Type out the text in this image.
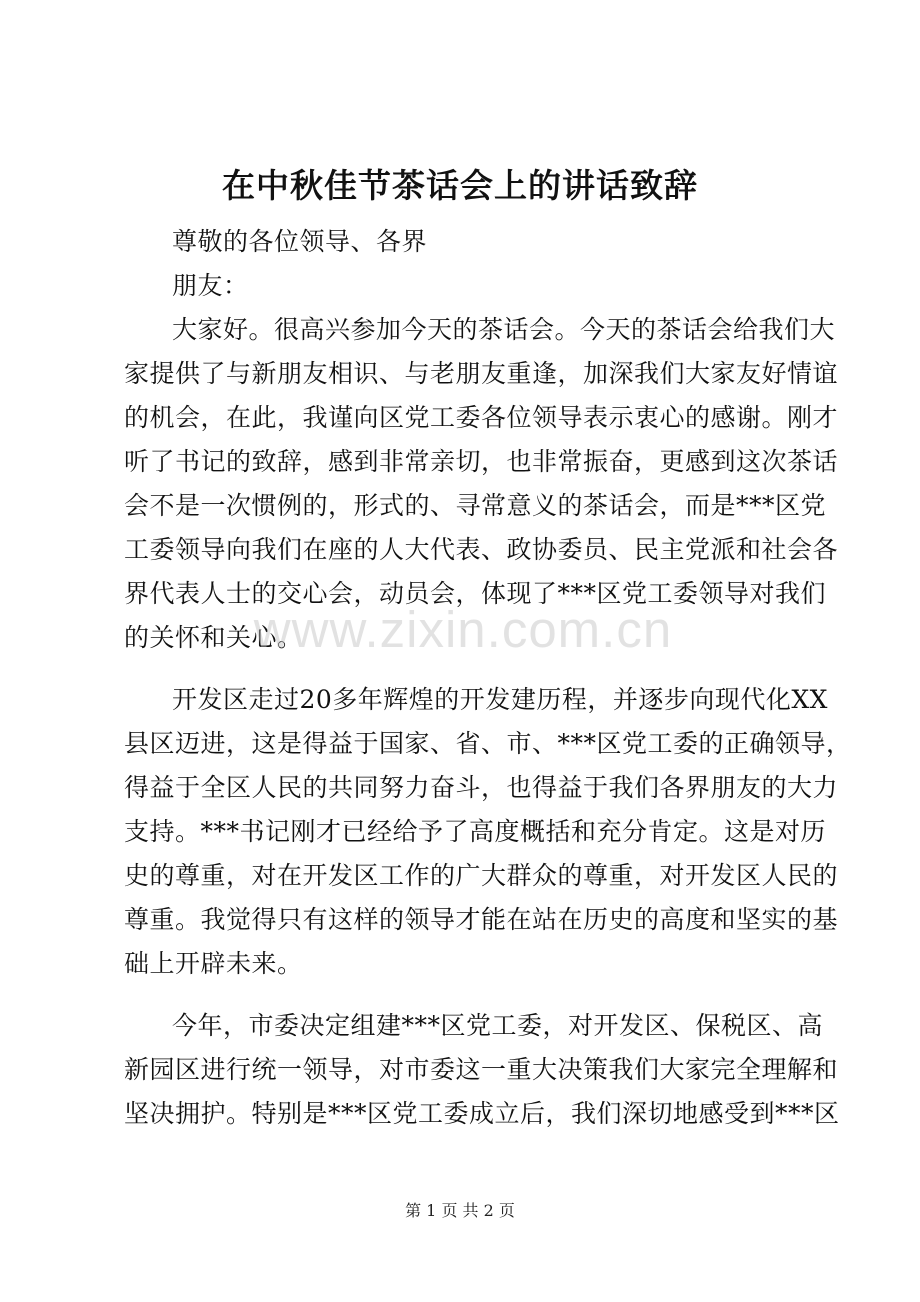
在中秋佳节茶话会上的讲话致辞
尊敬的各位领导、各界
朋友：
大家好。很高兴参加今天的茶话会。今天的茶话会给我们大
家提供了与新朋友相识、与老朋友重逢，加深我们大家友好情谊
的机会，在此，我谨向区党工委各位领导表示衷心的感谢。刚才
听了书记的致辞，感到非常亲切，也非常振奋，更感到这次茶话
会不是一次惯例的，形式的、寻常意义的茶话会，而是***区党
工委领导向我们在座的人大代表、政协委员、民主党派和社会各
界代表人士的交心会，动员会，体现了***区党工委领导对我们
的关怀和关心。
开发区走过20多年辉煌的开发建历程，并逐步向现代化XX
县区迈进，这是得益于国家、省、市、***区党工委的正确领导，
得益于全区人民的共同努力奋斗，也得益于我们各界朋友的大力
支持。***书记刚才已经给予了高度概括和充分肯定。这是对历
史的尊重，对在开发区工作的广大群众的尊重，对开发区人民的
尊重。我觉得只有这样的领导才能在站在历史的高度和坚实的基
础上开辟未来。
今年，市委决定组建***区党工委，对开发区、保税区、高
新园区进行统一领导，对市委这一重大决策我们大家完全理解和
坚决拥护。特别是***区党工委成立后，我们深切地感受到***区
www.zixin.com.cn
第 1 页 共 2 页
